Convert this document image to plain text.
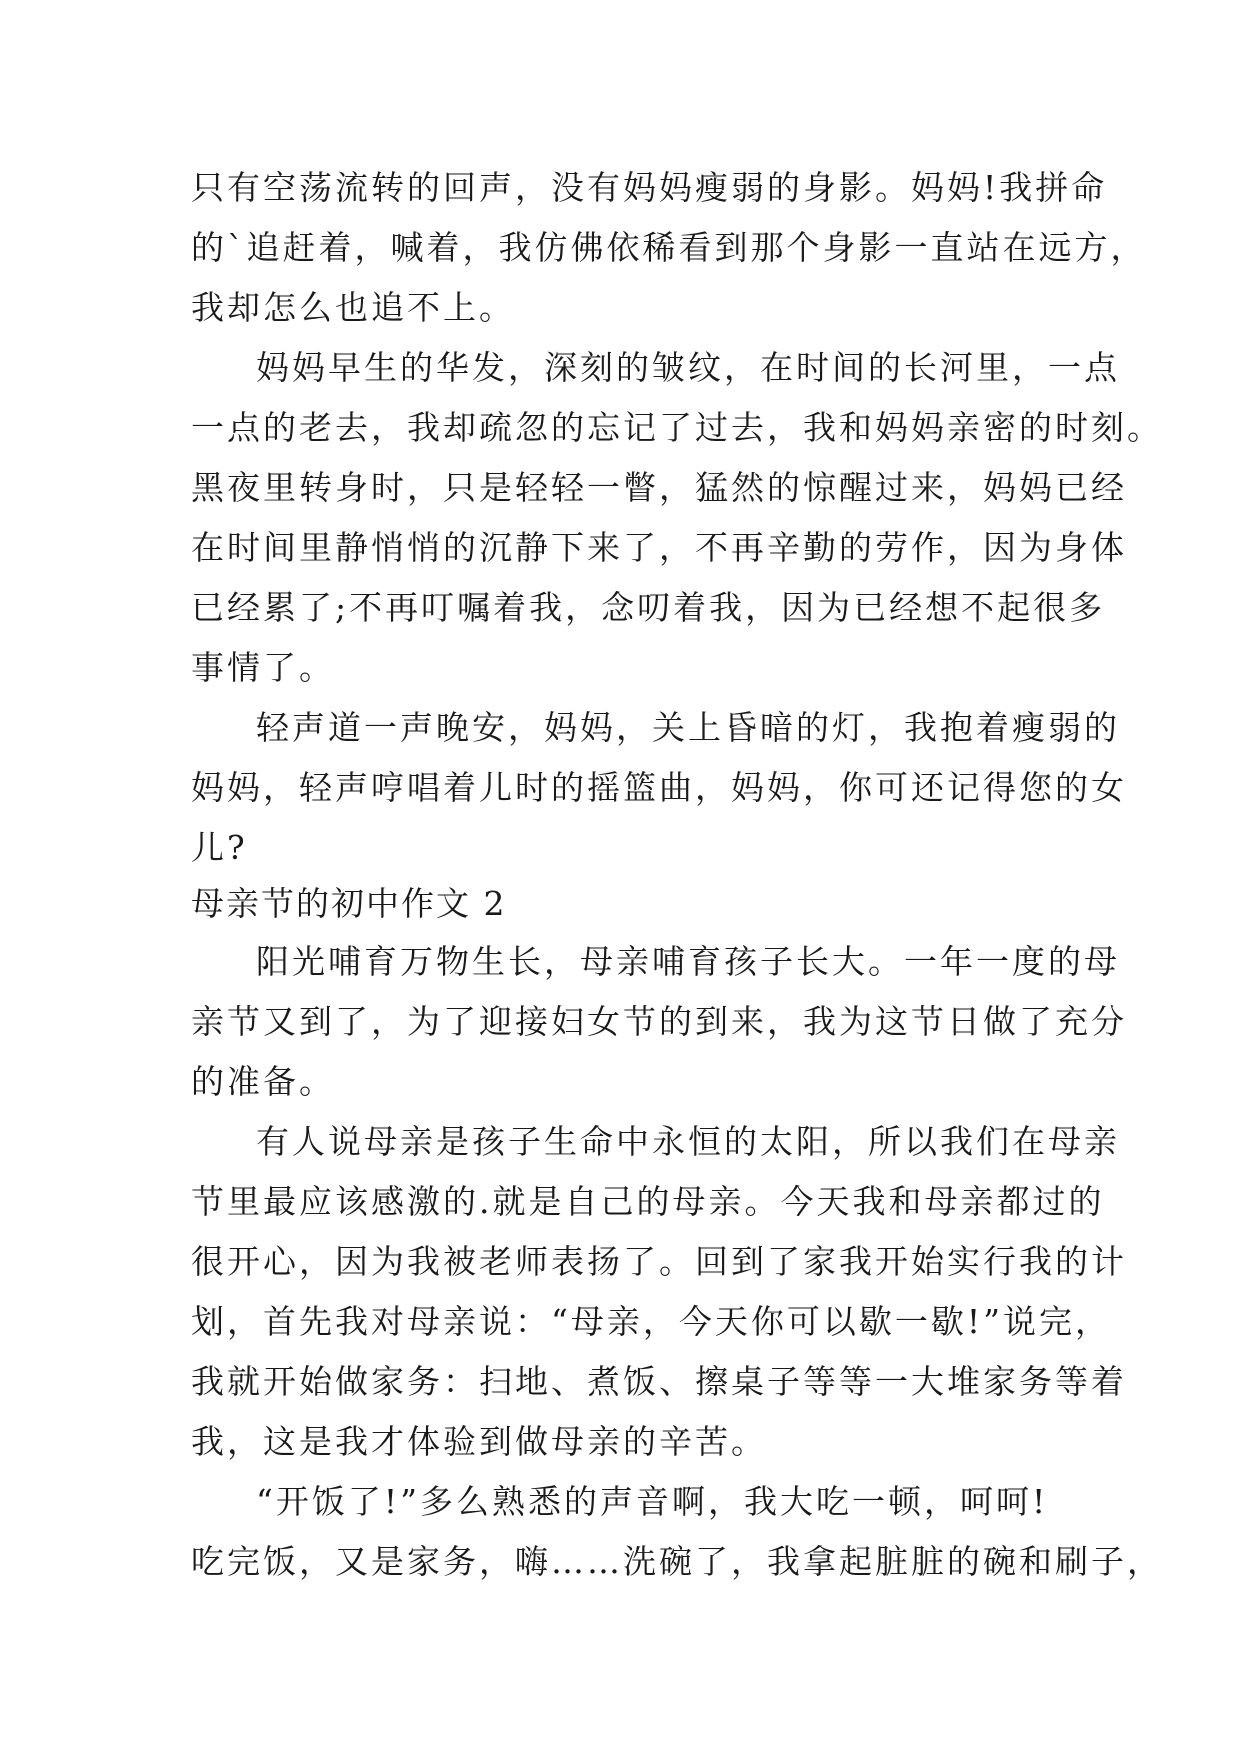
只有空荡流转的回声，没有妈妈瘦弱的身影。妈妈!我拼命
的`追赶着，喊着，我仿佛依稀看到那个身影一直站在远方，
我却怎么也追不上。
妈妈早生的华发，深刻的皱纹，在时间的长河里，一点
一点的老去，我却疏忽的忘记了过去，我和妈妈亲密的时刻。
黑夜里转身时，只是轻轻一瞥，猛然的惊醒过来，妈妈已经
在时间里静悄悄的沉静下来了，不再辛勤的劳作，因为身体
已经累了;不再叮嘱着我，念叨着我，因为已经想不起很多
事情了。
轻声道一声晚安，妈妈，关上昏暗的灯，我抱着瘦弱的
妈妈，轻声哼唱着儿时的摇篮曲，妈妈，你可还记得您的女
儿?
母亲节的初中作文 2
阳光哺育万物生长，母亲哺育孩子长大。一年一度的母
亲节又到了，为了迎接妇女节的到来，我为这节日做了充分
的准备。
有人说母亲是孩子生命中永恒的太阳，所以我们在母亲
节里最应该感激的.就是自己的母亲。今天我和母亲都过的
很开心，因为我被老师表扬了。回到了家我开始实行我的计
划，首先我对母亲说：“母亲，今天你可以歇一歇!”说完，
我就开始做家务：扫地、煮饭、擦桌子等等一大堆家务等着
我，这是我才体验到做母亲的辛苦。
“开饭了!”多么熟悉的声音啊，我大吃一顿，呵呵!
吃完饭，又是家务，嗨……洗碗了，我拿起脏脏的碗和刷子，
